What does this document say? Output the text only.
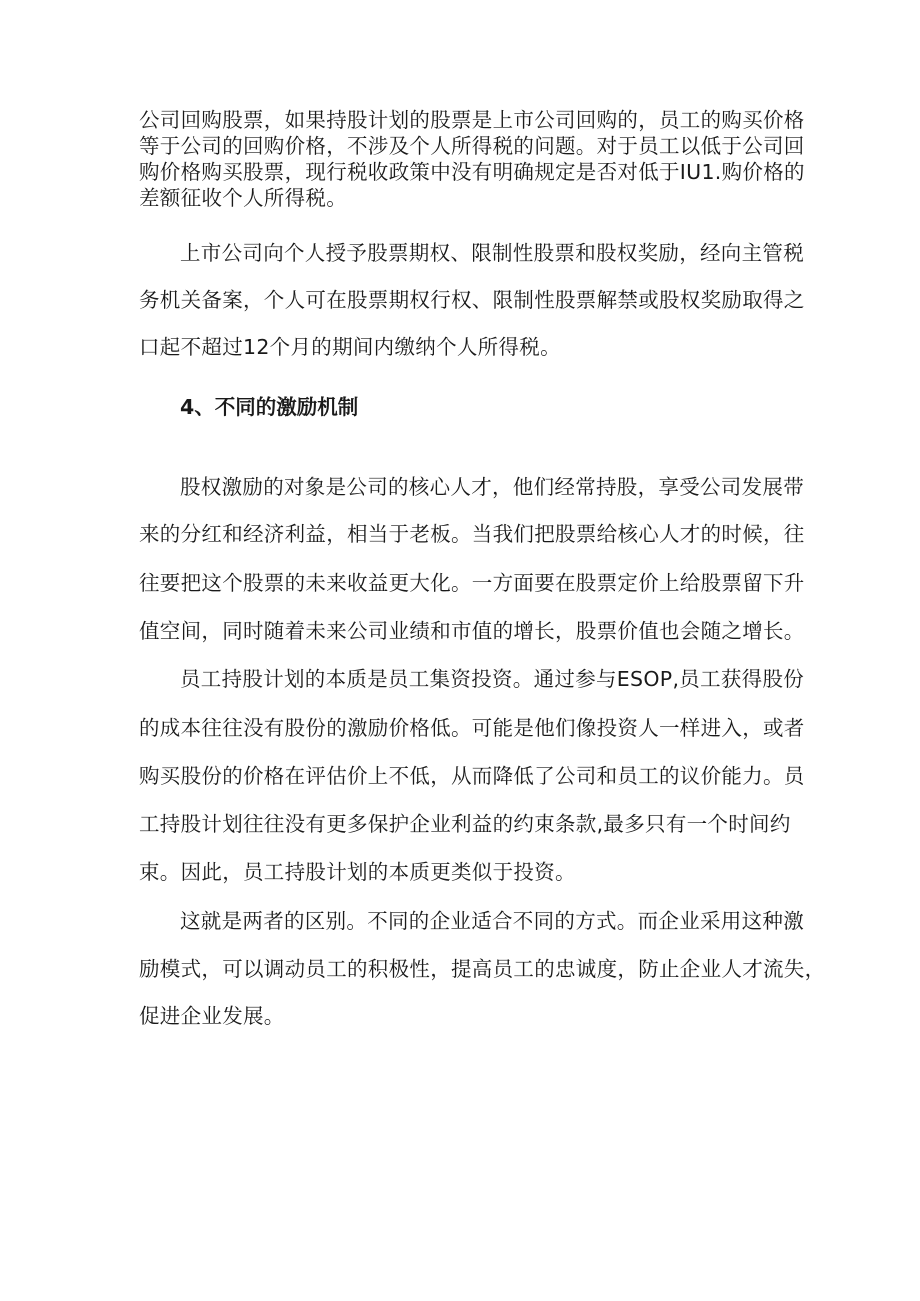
公司回购股票，如果持股计划的股票是上市公司回购的，员工的购买价格
等于公司的回购价格，不涉及个人所得税的问题。对于员工以低于公司回
购价格购买股票，现行税收政策中没有明确规定是否对低于IU1.购价格的
差额征收个人所得税。
上市公司向个人授予股票期权、限制性股票和股权奖励，经向主管税
务机关备案，个人可在股票期权行权、限制性股票解禁或股权奖励取得之
口起不超过12个月的期间内缴纳个人所得税。
4、不同的激励机制
股权激励的对象是公司的核心人才，他们经常持股，享受公司发展带
来的分红和经济利益，相当于老板。当我们把股票给核心人才的时候，往
往要把这个股票的未来收益更大化。一方面要在股票定价上给股票留下升
值空间，同时随着未来公司业绩和市值的增长，股票价值也会随之增长。
员工持股计划的本质是员工集资投资。通过参与ESOP,员工获得股份
的成本往往没有股份的激励价格低。可能是他们像投资人一样进入，或者
购买股份的价格在评估价上不低，从而降低了公司和员工的议价能力。员
工持股计划往往没有更多保护企业利益的约束条款,最多只有一个时间约
束。因此，员工持股计划的本质更类似于投资。
这就是两者的区别。不同的企业适合不同的方式。而企业采用这种激
励模式，可以调动员工的积极性，提高员工的忠诚度，防止企业人才流失，
促进企业发展。
